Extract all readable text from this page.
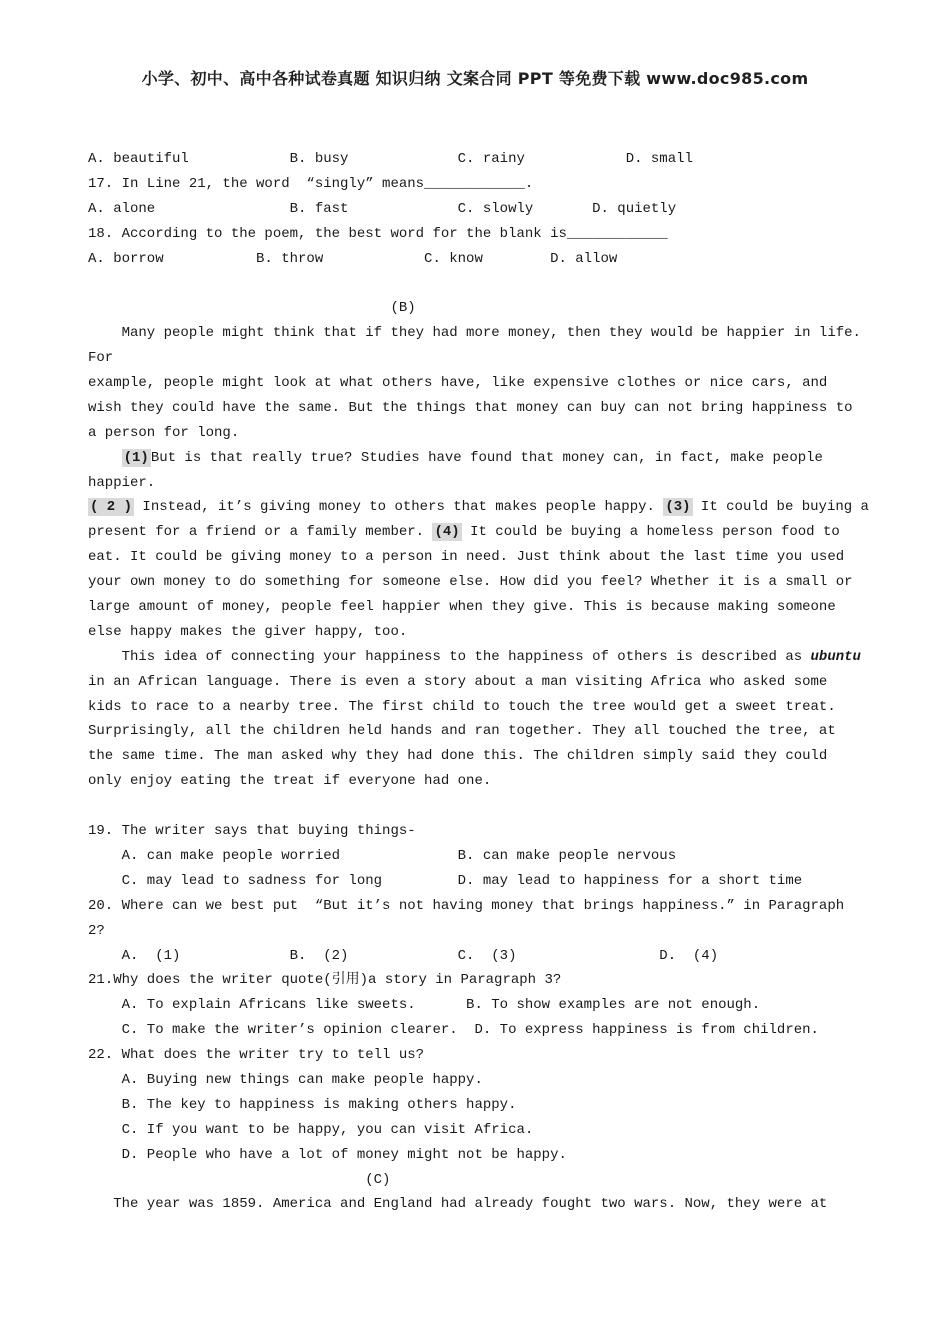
小学、初中、高中各种试卷真题 知识归纳 文案合同 PPT 等免费下载 www.doc985.com
A. beautiful            B. busy             C. rainy            D. small
17. In Line 21, the word  “singly” means____________.
A. alone                B. fast             C. slowly       D. quietly
18. According to the poem, the best word for the blank is____________
A. borrow           B. throw            C. know        D. allow
(B)
Many people might think that if they had more money, then they would be happier in life.
For
example, people might look at what others have, like expensive clothes or nice cars, and
wish they could have the same. But the things that money can buy can not bring happiness to
a person for long.
(1) But is that really true? Studies have found that money can, in fact, make people
happier.
( 2 ) Instead, it’s giving money to others that makes people happy. (3) It could be buying a
present for a friend or a family member. (4) It could be buying a homeless person food to
eat. It could be giving money to a person in need. Just think about the last time you used
your own money to do something for someone else. How did you feel? Whether it is a small or
large amount of money, people feel happier when they give. This is because making someone
else happy makes the giver happy, too.
This idea of connecting your happiness to the happiness of others is described as ubuntu
in an African language. There is even a story about a man visiting Africa who asked some
kids to race to a nearby tree. The first child to touch the tree would get a sweet treat.
Surprisingly, all the children held hands and ran together. They all touched the tree, at
the same time. The man asked why they had done this. The children simply said they could
only enjoy eating the treat if everyone had one.
19. The writer says that buying things-
A. can make people worried              B. can make people nervous
C. may lead to sadness for long         D. may lead to happiness for a short time
20. Where can we best put  “But it’s not having money that brings happiness.” in Paragraph
2?
A.  (1)             B.  (2)             C.  (3)                 D.  (4)
21.Why does the writer quote(引用)a story in Paragraph 3?
A. To explain Africans like sweets.      B. To show examples are not enough.
C. To make the writer’s opinion clearer.  D. To express happiness is from children.
22. What does the writer try to tell us?
A. Buying new things can make people happy.
B. The key to happiness is making others happy.
C. If you want to be happy, you can visit Africa.
D. People who have a lot of money might not be happy.
(C)
The year was 1859. America and England had already fought two wars. Now, they were at
